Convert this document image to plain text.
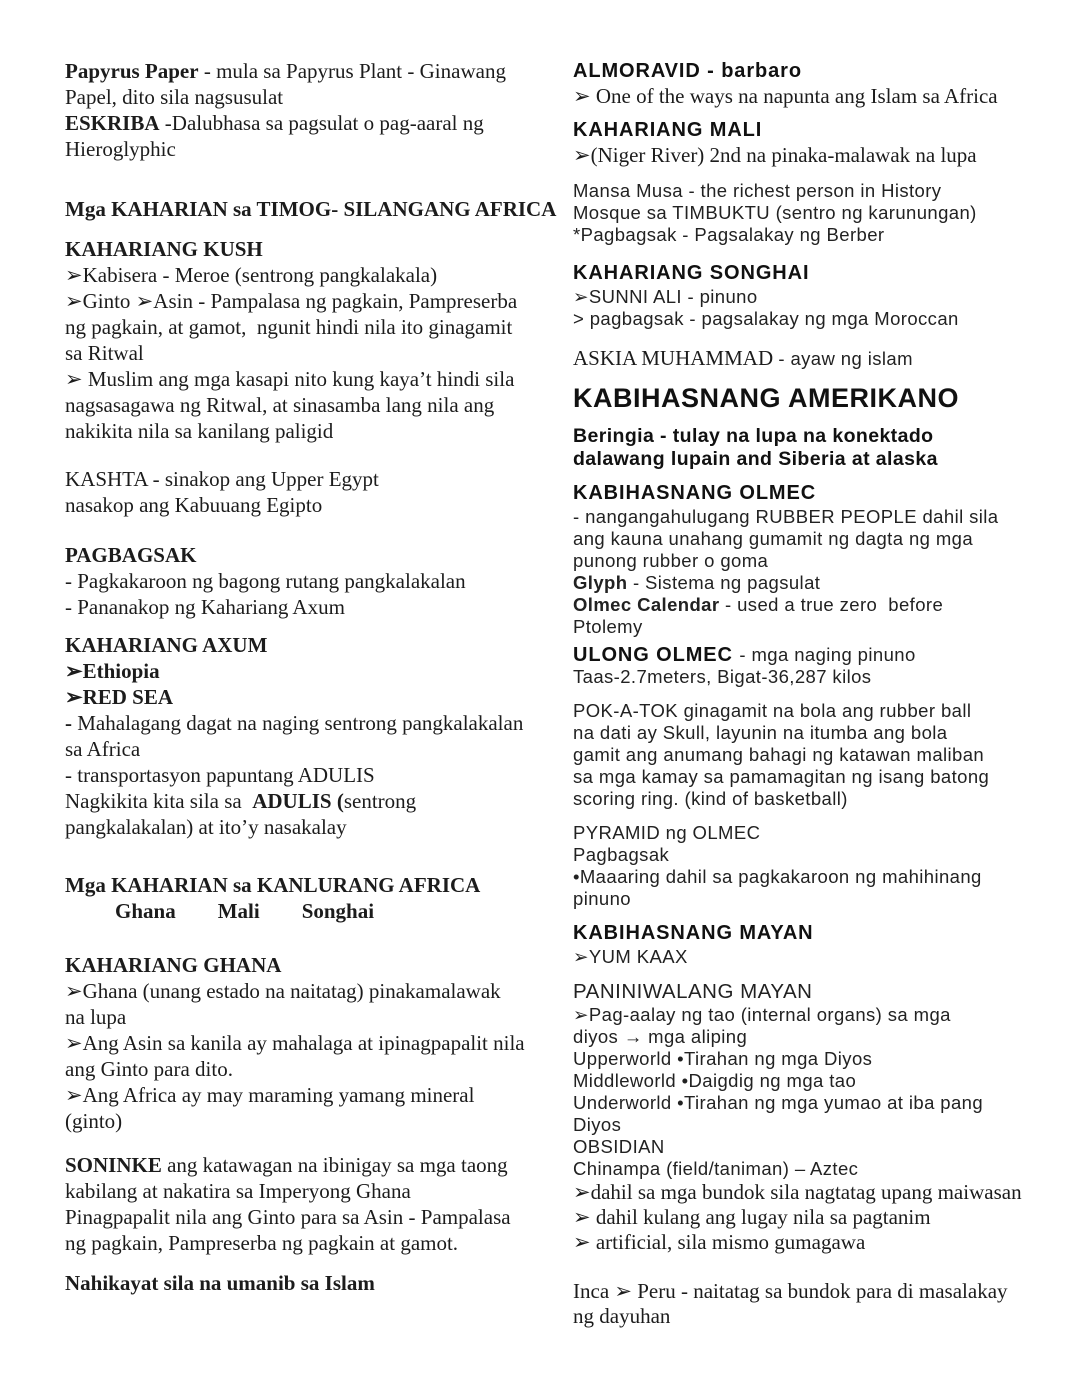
Papyrus Paper - mula sa Papyrus Plant - Ginawang
Papel, dito sila nagsusulat
ESKRIBA -Dalubhasa sa pagsulat o pag-aaral ng
Hieroglyphic
Mga KAHARIAN sa TIMOG- SILANGANG AFRICA
KAHARIANG KUSH
➢Kabisera - Meroe (sentrong pangkalakala)
➢Ginto ➢Asin - Pampalasa ng pagkain, Pampreserba
ng pagkain, at gamot,  ngunit hindi nila ito ginagamit
sa Ritwal
➢ Muslim ang mga kasapi nito kung kaya’t hindi sila
nagsasagawa ng Ritwal, at sinasamba lang nila ang
nakikita nila sa kanilang paligid
KASHTA - sinakop ang Upper Egypt
nasakop ang Kabuuang Egipto
PAGBAGSAK
- Pagkakaroon ng bagong rutang pangkalakalan
- Pananakop ng Kahariang Axum
KAHARIANG AXUM
➢Ethiopia
➢RED SEA
- Mahalagang dagat na naging sentrong pangkalakalan
sa Africa
- transportasyon papuntang ADULIS
Nagkikita kita sila sa  ADULIS (sentrong
pangkalakalan) at ito’y nasakalay
Mga KAHARIAN sa KANLURANG AFRICA
Ghana Mali Songhai
KAHARIANG GHANA
➢Ghana (unang estado na naitatag) pinakamalawak
na lupa
➢Ang Asin sa kanila ay mahalaga at ipinagpapalit nila
ang Ginto para dito.
➢Ang Africa ay may maraming yamang mineral
(ginto)
SONINKE ang katawagan na ibinigay sa mga taong
kabilang at nakatira sa Imperyong Ghana
Pinagpapalit nila ang Ginto para sa Asin - Pampalasa
ng pagkain, Pampreserba ng pagkain at gamot.
Nahikayat sila na umanib sa Islam
ALMORAVID - barbaro
➢ One of the ways na napunta ang Islam sa Africa
KAHARIANG MALI
➢(Niger River) 2nd na pinaka-malawak na lupa
Mansa Musa - the richest person in History
Mosque sa TIMBUKTU (sentro ng karunungan)
*Pagbagsak - Pagsalakay ng Berber
KAHARIANG SONGHAI
➢SUNNI ALI - pinuno
> pagbagsak - pagsalakay ng mga Moroccan
ASKIA MUHAMMAD - ayaw ng islam
KABIHASNANG AMERIKANO
Beringia - tulay na lupa na konektado
dalawang lupain and Siberia at alaska
KABIHASNANG OLMEC
- nangangahulugang RUBBER PEOPLE dahil sila
ang kauna unahang gumamit ng dagta ng mga
punong rubber o goma
Glyph - Sistema ng pagsulat
Olmec Calendar - used a true zero  before
Ptolemy
ULONG OLMEC - mga naging pinuno
Taas-2.7meters, Bigat-36,287 kilos
POK-A-TOK ginagamit na bola ang rubber ball
na dati ay Skull, layunin na itumba ang bola
gamit ang anumang bahagi ng katawan maliban
sa mga kamay sa pamamagitan ng isang batong
scoring ring. (kind of basketball)
PYRAMID ng OLMEC
Pagbagsak
•Maaaring dahil sa pagkakaroon ng mahihinang
pinuno
KABIHASNANG MAYAN
➢YUM KAAX
PANINIWALANG MAYAN
➢Pag-aalay ng tao (internal organs) sa mga
diyos → mga aliping
Upperworld •Tirahan ng mga Diyos
Middleworld •Daigdig ng mga tao
Underworld •Tirahan ng mga yumao at iba pang
Diyos
OBSIDIAN
Chinampa (field/taniman) – Aztec
➢dahil sa mga bundok sila nagtatag upang maiwasan
➢ dahil kulang ang lugay nila sa pagtanim
➢ artificial, sila mismo gumagawa
Inca ➢ Peru - naitatag sa bundok para di masalakay
ng dayuhan
